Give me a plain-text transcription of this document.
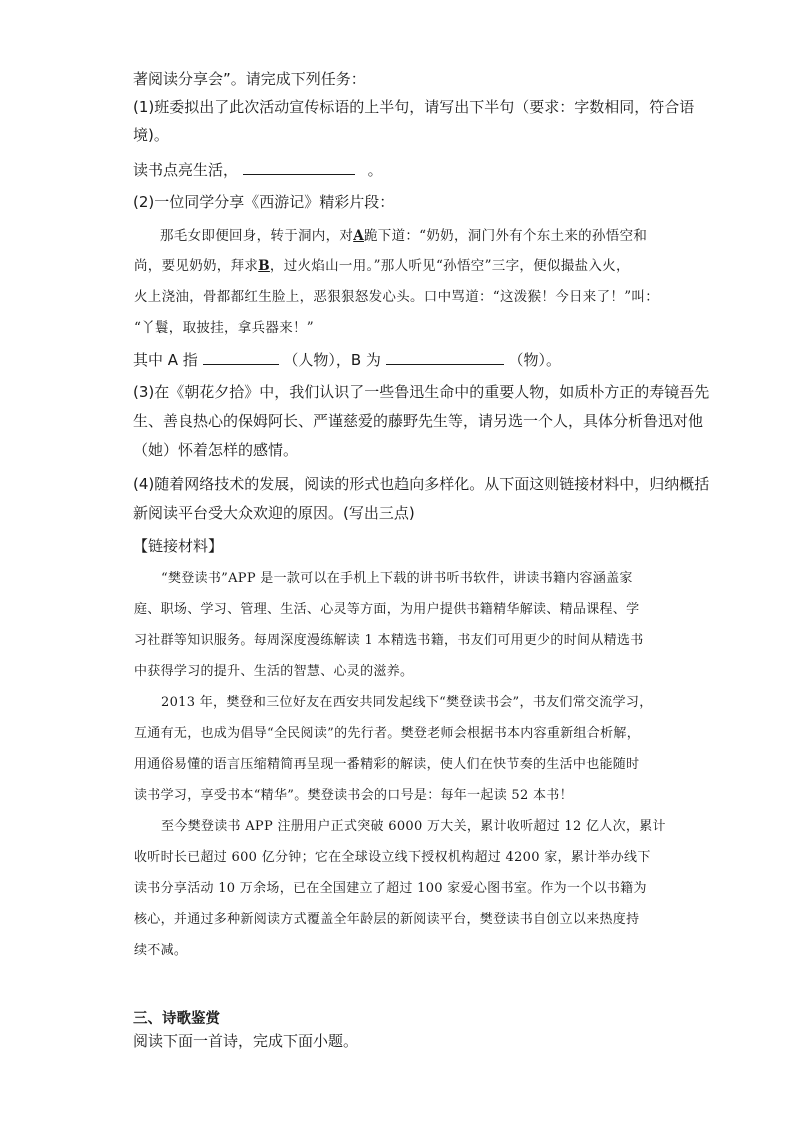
著阅读分享会”。请完成下列任务：
(1)班委拟出了此次活动宣传标语的上半句，请写出下半句（要求：字数相同，符合语
境)。
读书点亮生活，	。
(2)一位同学分享《西游记》精彩片段：
那毛女即便回身，转于洞内，对A跪下道：“奶奶，洞门外有个东土来的孙悟空和
尚，要见奶奶，拜求B，过火焰山一用。”那人听见“孙悟空”三字，便似撮盐入火，
火上浇油，骨都都红生脸上，恶狠狠怒发心头。口中骂道：“这泼猴！今日来了！”叫：
“丫鬟，取披挂，拿兵器来！”
其中 A 指	（人物），B 为	（物）。
(3)在《朝花夕拾》中，我们认识了一些鲁迅生命中的重要人物，如质朴方正的寿镜吾先
生、善良热心的保姆阿长、严谨慈爱的藤野先生等，请另选一个人，具体分析鲁迅对他
（她）怀着怎样的感情。
(4)随着网络技术的发展，阅读的形式也趋向多样化。从下面这则链接材料中，归纳概括
新阅读平台受大众欢迎的原因。(写出三点)
【链接材料】
“樊登读书”APP 是一款可以在手机上下载的讲书听书软件，讲读书籍内容涵盖家
庭、职场、学习、管理、生活、心灵等方面，为用户提供书籍精华解读、精品课程、学
习社群等知识服务。每周深度漫练解读 1 本精选书籍，书友们可用更少的时间从精选书
中获得学习的提升、生活的智慧、心灵的滋养。
2013 年，樊登和三位好友在西安共同发起线下“樊登读书会”，书友们常交流学习，
互通有无，也成为倡导“全民阅读”的先行者。樊登老师会根据书本内容重新组合析解，
用通俗易懂的语言压缩精简再呈现一番精彩的解读，使人们在快节奏的生活中也能随时
读书学习，享受书本“精华”。樊登读书会的口号是：每年一起读 52 本书！
至今樊登读书 APP 注册用户正式突破 6000 万大关，累计收听超过 12 亿人次，累计
收听时长已超过 600 亿分钟；它在全球设立线下授权机构超过 4200 家，累计举办线下
读书分享活动 10 万余场，已在全国建立了超过 100 家爱心图书室。作为一个以书籍为
核心，并通过多种新阅读方式覆盖全年龄层的新阅读平台，樊登读书自创立以来热度持
续不减。
三、诗歌鉴赏
阅读下面一首诗，完成下面小题。
